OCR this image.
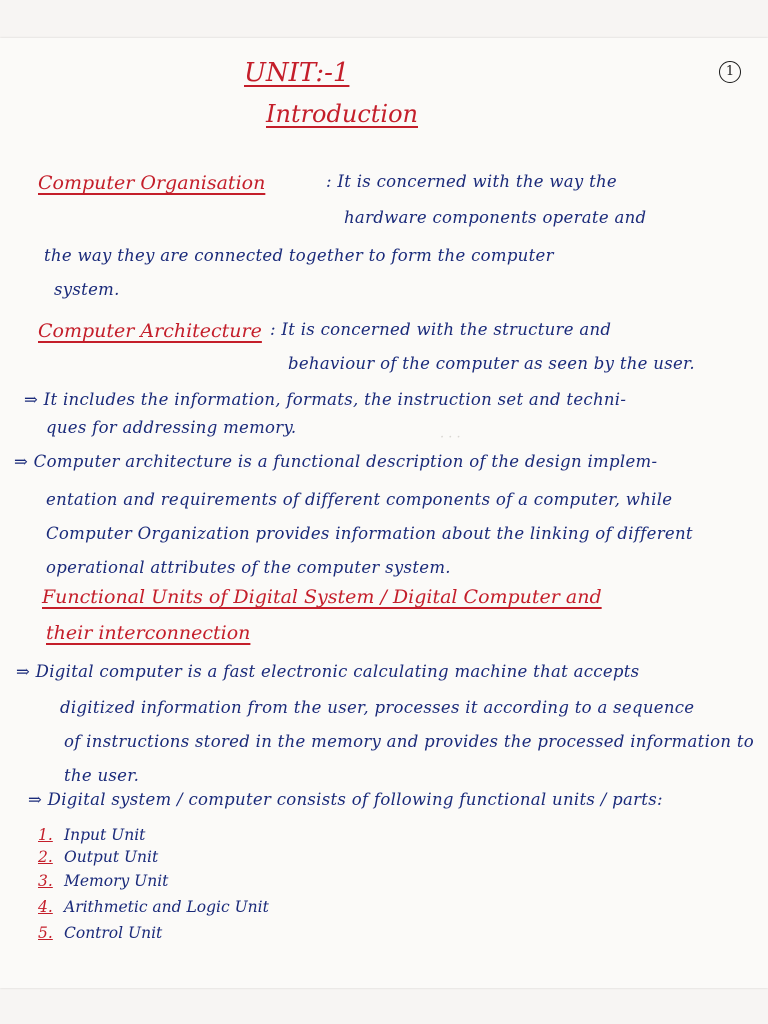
1
UNIT:-1
Introduction
Computer Organisation	: It is concerned with the way the
hardware components operate and
the way they are connected together to form the computer
system.
Computer Architecture : It is concerned with the structure and
behaviour of the computer as seen by the user.
⇒ It includes the information, formats, the instruction set and techni-
ques for addressing memory.
· · ·
⇒ Computer architecture is a functional description of the design implem-
entation and requirements of different components of a computer, while
Computer Organization provides information about the linking of different
operational attributes of the computer system.
Functional Units of Digital System / Digital Computer and
their interconnection
⇒ Digital computer is a fast electronic calculating machine that accepts
digitized information from the user, processes it according to a sequence
of instructions stored in the memory and provides the processed information to
the user.
⇒ Digital system / computer consists of following functional units / parts:
1. Input Unit
2. Output Unit
3. Memory Unit
4. Arithmetic and Logic Unit
5. Control Unit
